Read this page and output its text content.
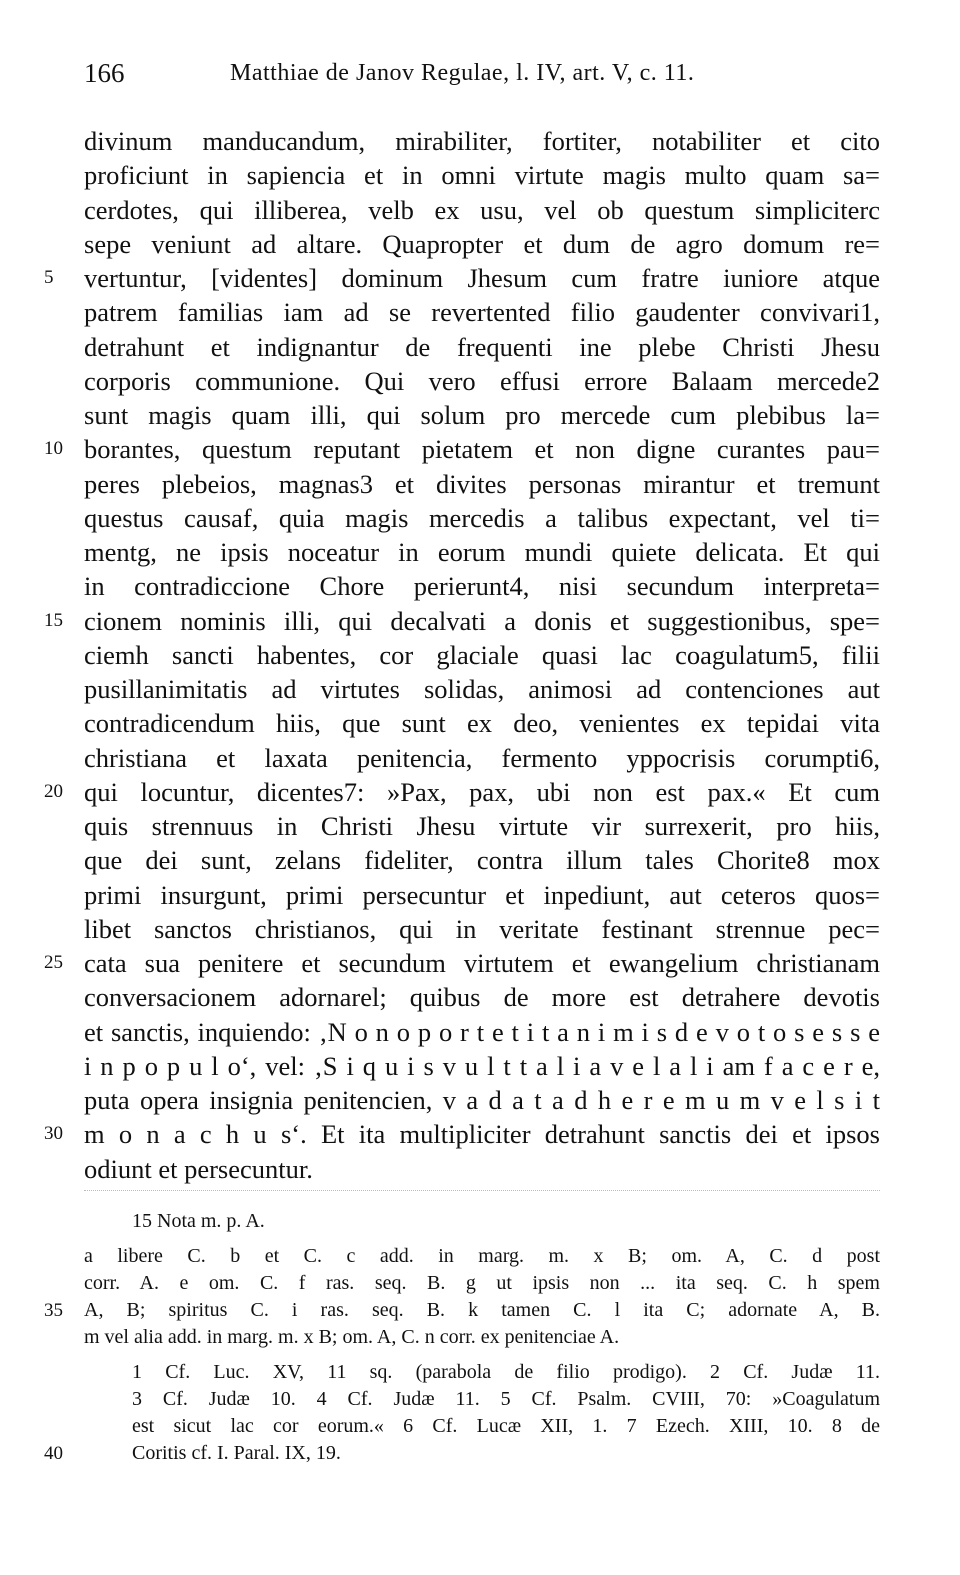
166	Matthiae de Janov Regulae, l. IV, art. V, c. 11.
divinum manducandum, mirabiliter, fortiter, notabiliter et cito
proficiunt in sapiencia et in omni virtute magis multo quam sa=
cerdotes, qui illiberea, velb ex usu, vel ob questum simpliciterc
sepe veniunt ad altare. Quapropter et dum de agro domum re=
5	vertuntur, [videntes] dominum Jhesum cum fratre iuniore atque
patrem familias iam ad se revertented filio gaudenter convivari1,
detrahunt et indignantur de frequenti ine plebe Christi Jhesu
corporis communione. Qui vero effusi errore Balaam mercede2
sunt magis quam illi, qui solum pro mercede cum plebibus la=
10 borantes, questum reputant pietatem et non digne curantes pau=
peres plebeios, magnas3 et divites personas mirantur et tremunt
questus causaf, quia magis mercedis a talibus expectant, vel ti=
mentg, ne ipsis noceatur in eorum mundi quiete delicata. Et qui
in contradiccione Chore perierunt4, nisi secundum interpreta=
15 cionem nominis illi, qui decalvati a donis et suggestionibus, spe=
ciemh sancti habentes, cor glaciale quasi lac coagulatum5, filii
pusillanimitatis ad virtutes solidas, animosi ad contenciones aut
contradicendum hiis, que sunt ex deo, venientes ex tepidai vita
christiana et laxata penitencia, fermento yppocrisis corumpti6,
20 qui locuntur, dicentes7: »Pax, pax, ubi non est pax.« Et cum
quis strennuus in Christi Jhesu virtute vir surrexerit, pro hiis,
que dei sunt, zelans fideliter, contra illum tales Chorite8 mox
primi insurgunt, primi persecuntur et inpediunt, aut ceteros quos=
libet sanctos christianos, qui in veritate festinant strennue pec=
25 cata sua penitere et secundum virtutem et ewangelium christianam
conversacionem adornarel; quibus de more est detrahere devotis
et sanctis, inquiendo: ‚N o n o p o r t e t i t a n i m i s d e v o t o s e s s e
i n p o p u l o‘, vel: ‚S i q u i s v u l t t a l i a v e l a l i am f a c e r e,
puta opera insignia penitencien, v a d a t a d h e r e m u m v e l s i t
30 m o n a c h u s‘. Et ita multipliciter detrahunt sanctis dei et ipsos
odiunt et persecuntur.
15 Nota m. p. A.
a libere C. b et C. c add. in marg. m. x B; om. A, C. d post
corr. A. e om. C. f ras. seq. B. g ut ipsis non ... ita seq. C. h spem
35 A, B; spiritus C. i ras. seq. B. k tamen C. l ita C; adornate A, B.
m vel alia add. in marg. m. x B; om. A, C. n corr. ex penitenciae A.
1 Cf. Luc. XV, 11 sq. (parabola de filio prodigo). 2 Cf. Judæ 11.
3 Cf. Judæ 10. 4 Cf. Judæ 11. 5 Cf. Psalm. CVIII, 70: »Coagulatum
est sicut lac cor eorum.« 6 Cf. Lucæ XII, 1. 7 Ezech. XIII, 10. 8 de
40	Coritis cf. I. Paral. IX, 19.
